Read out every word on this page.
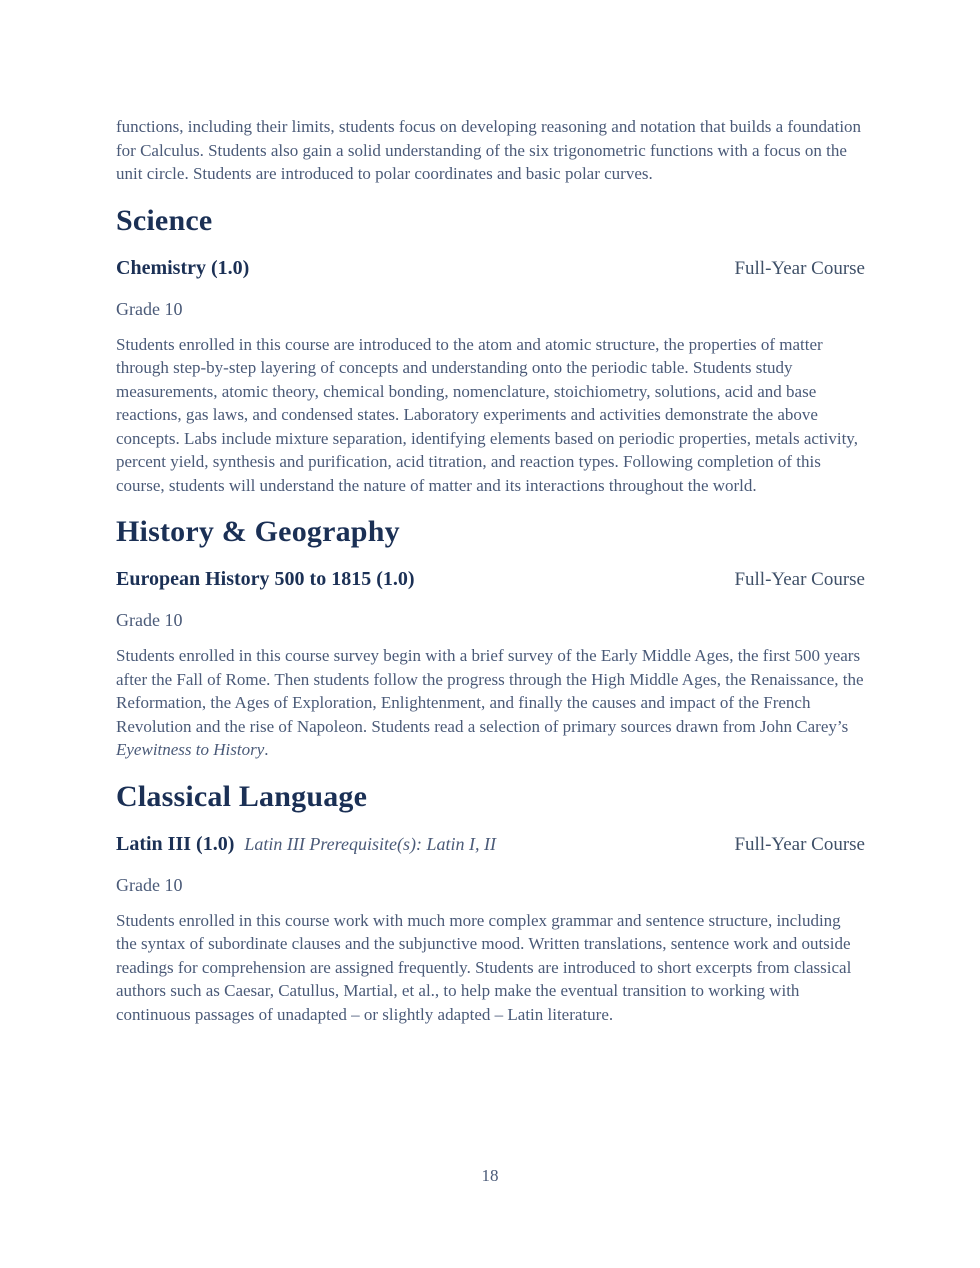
functions, including their limits, students focus on developing reasoning and notation that builds a foundation for Calculus. Students also gain a solid understanding of the six trigonometric functions with a focus on the unit circle. Students are introduced to polar coordinates and basic polar curves.

Science
Chemistry (1.0)	Full-Year Course

Grade 10

Students enrolled in this course are introduced to the atom and atomic structure, the properties of matter through step-by-step layering of concepts and understanding onto the periodic table. Students study measurements, atomic theory, chemical bonding, nomenclature, stoichiometry, solutions, acid and base reactions, gas laws, and condensed states. Laboratory experiments and activities demonstrate the above concepts. Labs include mixture separation, identifying elements based on periodic properties, metals activity, percent yield, synthesis and purification, acid titration, and reaction types. Following completion of this course, students will understand the nature of matter and its interactions throughout the world.

History & Geography
European History 500 to 1815 (1.0)	Full-Year Course

Grade 10

Students enrolled in this course survey begin with a brief survey of the Early Middle Ages, the first 500 years after the Fall of Rome. Then students follow the progress through the High Middle Ages, the Renaissance, the Reformation, the Ages of Exploration, Enlightenment, and finally the causes and impact of the French Revolution and the rise of Napoleon. Students read a selection of primary sources drawn from John Carey’s Eyewitness to History.

Classical Language
Latin III (1.0) Latin III Prerequisite(s): Latin I, II	Full-Year Course

Grade 10

Students enrolled in this course work with much more complex grammar and sentence structure, including the syntax of subordinate clauses and the subjunctive mood. Written translations, sentence work and outside readings for comprehension are assigned frequently. Students are introduced to short excerpts from classical authors such as Caesar, Catullus, Martial, et al., to help make the eventual transition to working with continuous passages of unadapted – or slightly adapted – Latin literature.

18
